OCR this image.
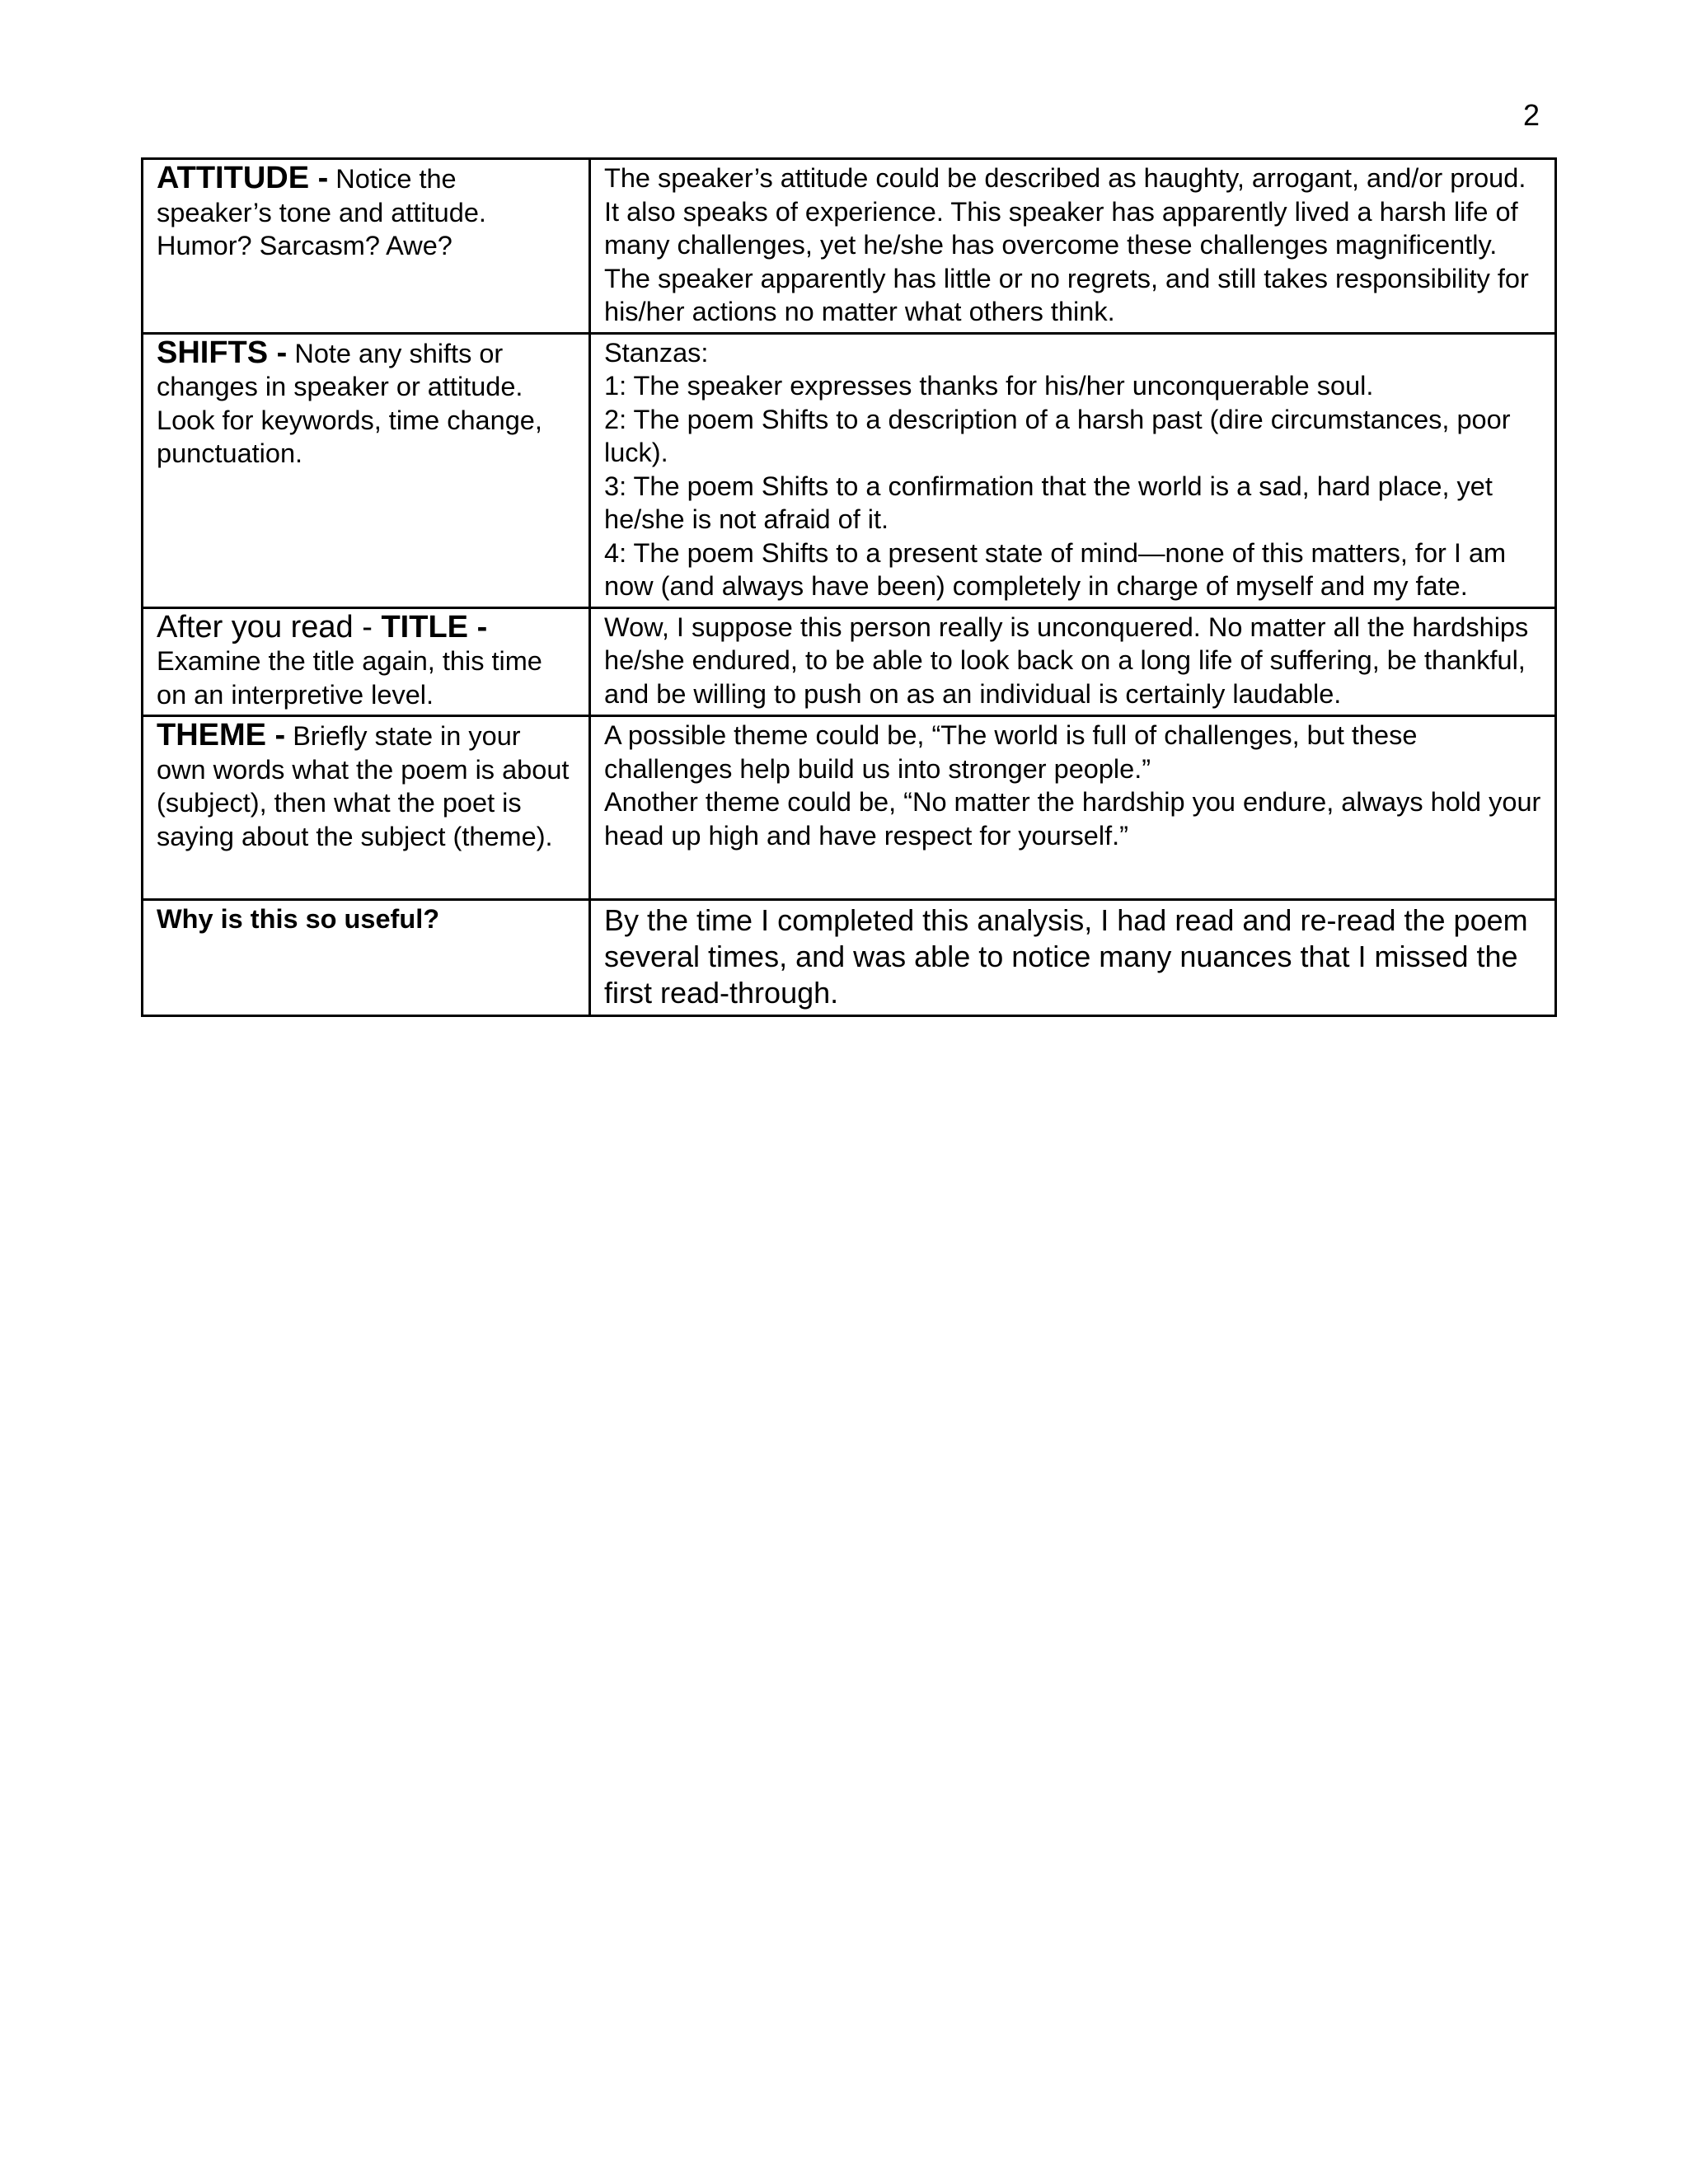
2
ATTITUDE - Notice the speaker’s tone and attitude. Humor? Sarcasm? Awe?	The speaker’s attitude could be described as haughty, arrogant, and/or proud. It also speaks of experience. This speaker has apparently lived a harsh life of many challenges, yet he/she has overcome these challenges magnificently. The speaker apparently has little or no regrets, and still takes responsibility for his/her actions no matter what others think.
SHIFTS - Note any shifts or changes in speaker or attitude. Look for keywords, time change, punctuation.	Stanzas:
1: The speaker expresses thanks for his/her unconquerable soul.
2: The poem Shifts to a description of a harsh past (dire circumstances, poor luck).
3: The poem Shifts to a confirmation that the world is a sad, hard place, yet he/she is not afraid of it.
4: The poem Shifts to a present state of mind—none of this matters, for I am now (and always have been) completely in charge of myself and my fate.

After you read - TITLE -
Examine the title again, this time on an interpretive level.	Wow, I suppose this person really is unconquered. No matter all the hardships he/she endured, to be able to look back on a long life of suffering, be thankful, and be willing to push on as an individual is certainly laudable.
THEME - Briefly state in your own words what the poem is about (subject), then what the poet is saying about the subject (theme).	A possible theme could be, “The world is full of challenges, but these challenges help build us into stronger people.”
Another theme could be, “No matter the hardship you endure, always hold your head up high and have respect for yourself.”

Why is this so useful?	By the time I completed this analysis, I had read and re-read the poem several times, and was able to notice many nuances that I missed the first read-through.
